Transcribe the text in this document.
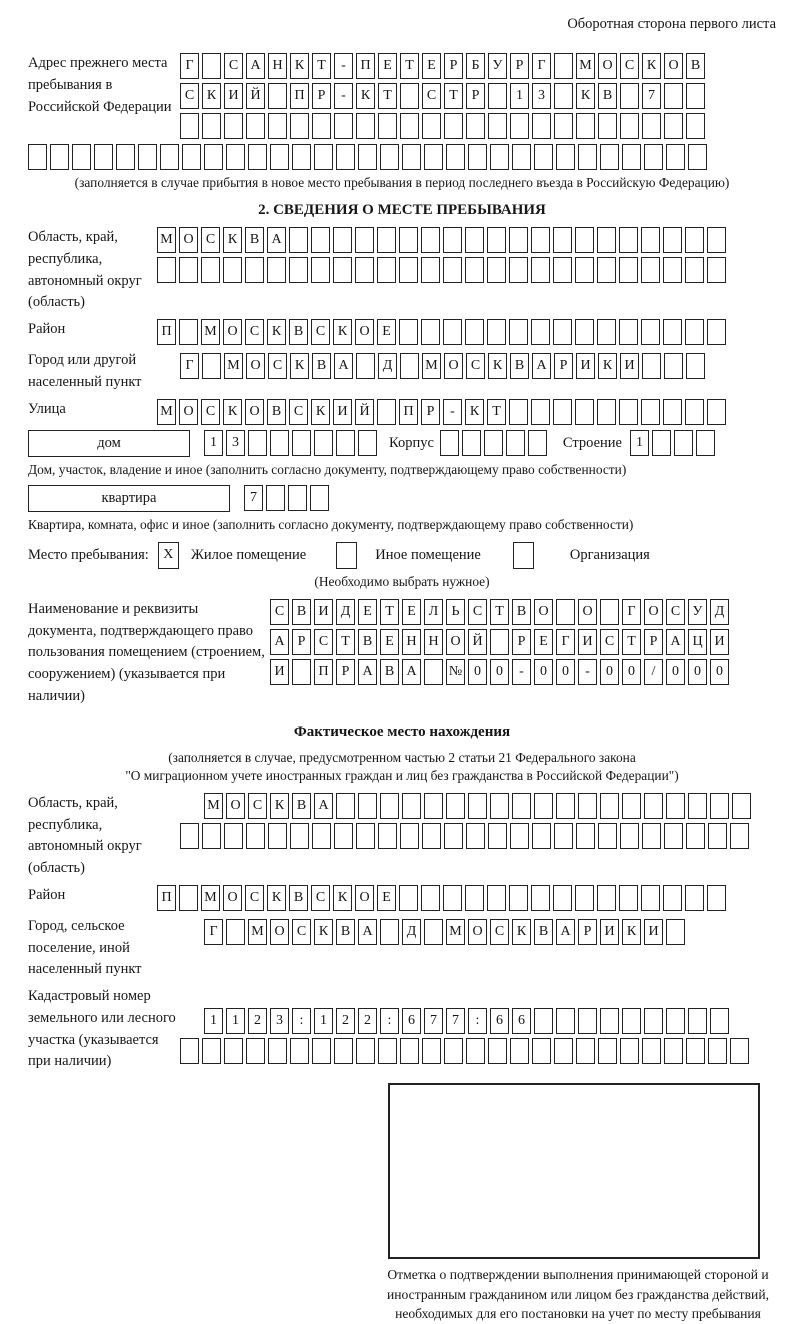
Оборотная сторона первого листа
Адрес прежнего места пребывания в Российской Федерации
Г	С А Н К Т	-	П Е Т Е Р	Б У Р	Г	М О С К О В
С К И Й	П Р	-	К Т	С Т Р	1	3	К В	7
(заполняется в случае прибытия в новое место пребывания в период последнего въезда в Российскую Федерацию)
2. СВЕДЕНИЯ О МЕСТЕ ПРЕБЫВАНИЯ
Область, край, республика, автономный округ (область)
М О С К В А
Район	П	М О С К В С К О Е
Город или другой населенный пункт
Г	М О С К В А	Д	М О С К В А Р И К И
Улица	М О С К О В С К И Й	П Р	-	К Т
дом	1	3	Корпус	Строение	1
Дом, участок, владение и иное (заполнить согласно документу, подтверждающему право собственности)
квартира	7
Квартира, комната, офис и иное (заполнить согласно документу, подтверждающему право собственности)
Место пребывания:	X	Жилое помещение	Иное помещение	Организация
(Необходимо выбрать нужное)
Наименование и реквизиты документа, подтверждающего право пользования помещением (строением, сооружением) (указывается при наличии)
С В И Д Е Т Е Л Ь С Т В О	О	Г О С У Д
А Р С Т В Е Н Н О Й	Р Е Г И С Т Р А Ц И
И	П Р А В А	№ 0	0	-	0	0	-	0	0	/	0	0	0
Фактическое место нахождения
(заполняется в случае, предусмотренном частью 2 статьи 21 Федерального закона
"О миграционном учете иностранных граждан и лиц без гражданства в Российской Федерации")
Область, край, республика, автономный округ (область)
М О С К В А
Район	П	М О С К В С К О Е
Город, сельское поселение, иной населенный пункт
Г	М О С К В А	Д	М О С К В А Р И К И
Кадастровый номер земельного или лесного участка (указывается при наличии)
1	1	2	3	:	1	2	2	:	6	7	7	:	6	6
Отметка о подтверждении выполнения принимающей стороной и иностранным гражданином или лицом без гражданства действий, необходимых для его постановки на учет по месту пребывания
